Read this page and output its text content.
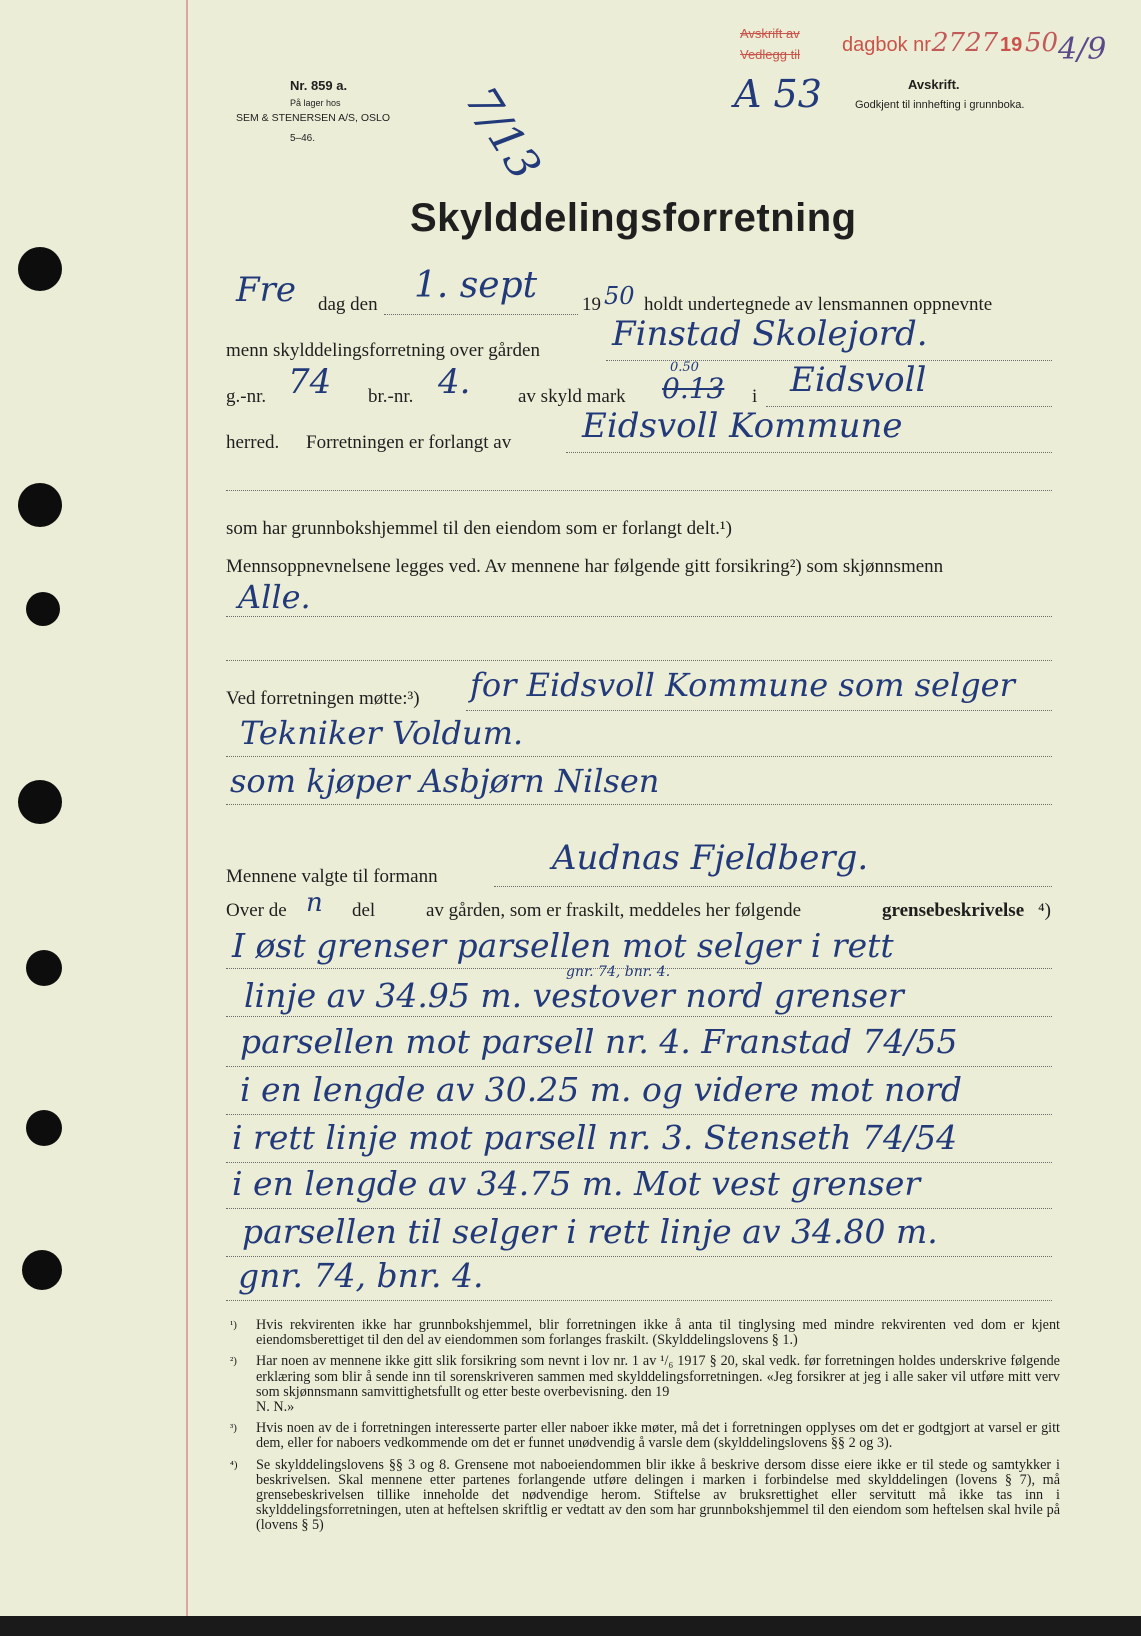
Nr. 859 a.
På lager hos
SEM & STENERSEN A/S, OSLO
5–46.	7/13
Avskrift av
Vedlegg til dagbok nr.
2727 19 50 4/9
A 53	Avskrift.
Godkjent til innhefting i grunnboka.
Skylddelingsforretning
Fre dag den 1. sept 19 50 holdt undertegnede av lensmannen oppnevnte
menn skylddelingsforretning over gården Finstad Skolejord.
g.-nr. 74 br.-nr. 4.	av skyld mark
0.50
0.13 i Eidsvoll
herred. Forretningen er forlangt av Eidsvoll Kommune
som har grunnbokshjemmel til den eiendom som er forlangt delt.¹)
Mennsoppnevnelsene legges ved. Av mennene har følgende gitt forsikring²) som skjønnsmenn
Alle.
Ved forretningen møtte:³) for Eidsvoll Kommune som selger
Tekniker Voldum.
som kjøper Asbjørn Nilsen
Mennene valgte til formann	Audnas Fjeldberg.
Over de n del	av gården, som er fraskilt, meddeles her følgende	grensebeskrivelse ⁴)
I øst grenser parsellen mot selger i rett
gnr. 74, bnr. 4.
linje av 34.95 m. vestover nord grenser
parsellen mot parsell nr. 4. Franstad 74/55
i en lengde av 30.25 m. og videre mot nord
i rett linje mot parsell nr. 3. Stenseth 74/54
i en lengde av 34.75 m. Mot vest grenser
parsellen til selger i rett linje av 34.80 m.
gnr. 74, bnr. 4.
¹) Hvis rekvirenten ikke har grunnbokshjemmel, blir forretningen ikke å anta til tinglysing med mindre rekvirenten ved dom er kjent eiendomsberettiget til den del av eiendommen som forlanges fraskilt. (Skylddelingslovens § 1.)

²) Har noen av mennene ikke gitt slik forsikring som nevnt i lov nr. 1 av ¹/₆ 1917 § 20, skal vedk. før forretningen holdes underskrive følgende erklæring som blir å sende inn til sorenskriveren sammen med skylddelingsforretningen. «Jeg forsikrer at jeg i alle saker vil utføre mitt verv som skjønnsmann samvittighetsfullt og etter beste overbevisning. den 19
N. N.»

³) Hvis noen av de i forretningen interesserte parter eller naboer ikke møter, må det i forretningen opplyses om det er godtgjort at varsel er gitt dem, eller for naboers vedkommende om det er funnet unødvendig å varsle dem (skylddelingslovens §§ 2 og 3).

⁴) Se skylddelingslovens §§ 3 og 8. Grensene mot naboeiendommen blir ikke å beskrive dersom disse eiere ikke er til stede og samtykker i beskrivelsen. Skal mennene etter partenes forlangende utføre delingen i marken i forbindelse med skylddelingen (lovens § 7), må grensebeskrivelsen tillike inneholde det nødvendige herom. Stiftelse av bruksrettighet eller servitutt må ikke tas inn i skylddelingsforretningen, uten at heftelsen skriftlig er vedtatt av den som har grunnbokshjemmel til den eiendom som heftelsen skal hvile på (lovens § 5)
